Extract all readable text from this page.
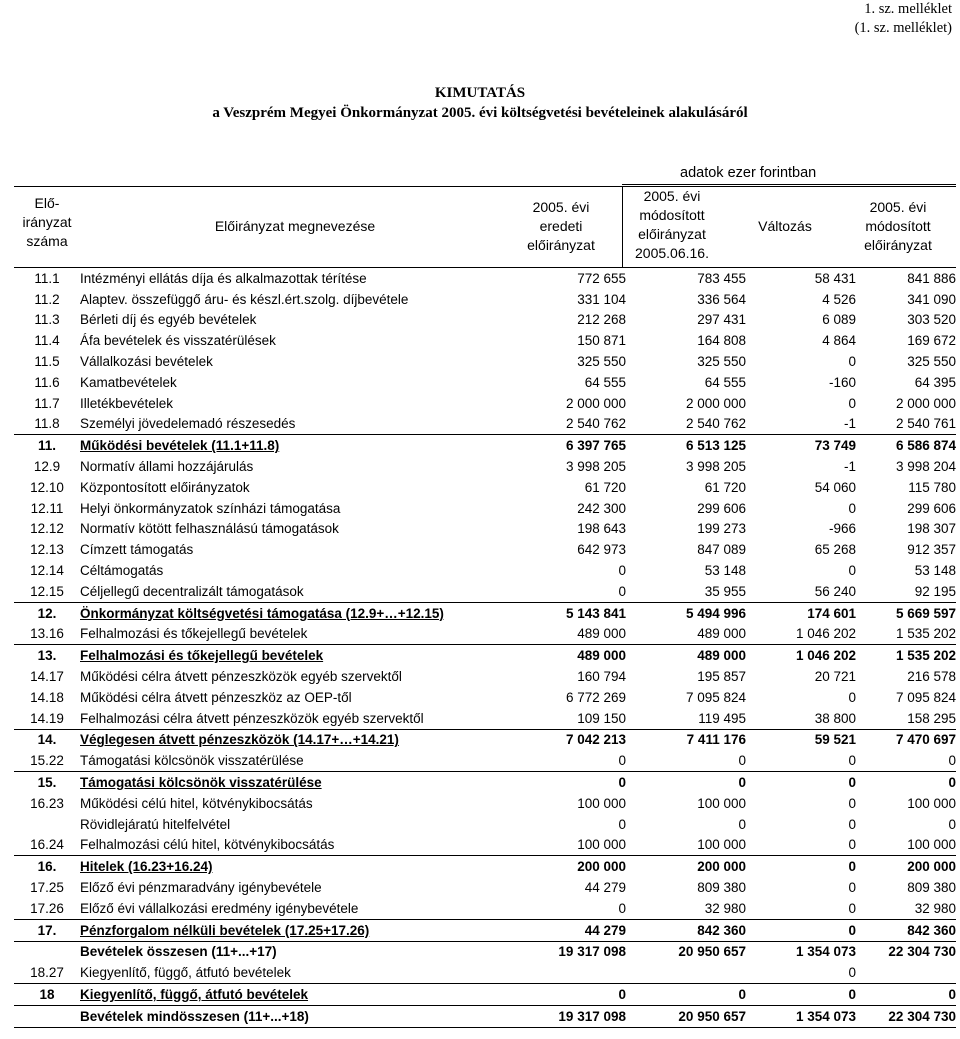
1. sz. melléklet
(1. sz. melléklet)
KIMUTATÁS
a Veszprém Megyei Önkormányzat 2005. évi költségvetési bevételeinek alakulásáról
adatok ezer forintban
Elő-
irányzat
száma
Előirányzat megnevezése
2005. évi
eredeti
előirányzat
2005. évi
módosított
előirányzat
2005.06.16.
Változás
2005. évi
módosított
előirányzat
11.1	Intézményi ellátás díja és alkalmazottak térítése	772 655	783 455	58 431	841 886
11.2	Alaptev. összefüggő áru- és készl.ért.szolg. díjbevétele	331 104	336 564	4 526	341 090
11.3	Bérleti díj és egyéb bevételek	212 268	297 431	6 089	303 520
11.4	Áfa bevételek és visszatérülések	150 871	164 808	4 864	169 672
11.5	Vállalkozási bevételek	325 550	325 550	0	325 550
11.6	Kamatbevételek	64 555	64 555	-160	64 395
11.7	Illetékbevételek	2 000 000	2 000 000	0	2 000 000
11.8	Személyi jövedelemadó részesedés	2 540 762	2 540 762	-1	2 540 761
11.	Működési bevételek (11.1+11.8)	6 397 765	6 513 125	73 749	6 586 874
12.9	Normatív állami hozzájárulás	3 998 205	3 998 205	-1	3 998 204
12.10	Központosított előirányzatok	61 720	61 720	54 060	115 780
12.11	Helyi önkormányzatok színházi támogatása	242 300	299 606	0	299 606
12.12	Normatív kötött felhasználású támogatások	198 643	199 273	-966	198 307
12.13	Címzett támogatás	642 973	847 089	65 268	912 357
12.14	Céltámogatás	0	53 148	0	53 148
12.15	Céljellegű decentralizált támogatások	0	35 955	56 240	92 195
12.	Önkormányzat költségvetési támogatása (12.9+…+12.15)	5 143 841	5 494 996	174 601	5 669 597
13.16	Felhalmozási és tőkejellegű bevételek	489 000	489 000	1 046 202	1 535 202
13.	Felhalmozási és tőkejellegű bevételek	489 000	489 000	1 046 202	1 535 202
14.17	Működési célra átvett pénzeszközök egyéb szervektől	160 794	195 857	20 721	216 578
14.18	Működési célra átvett pénzeszköz az OEP-től	6 772 269	7 095 824	0	7 095 824
14.19	Felhalmozási célra átvett pénzeszközök egyéb szervektől	109 150	119 495	38 800	158 295
14.	Véglegesen átvett pénzeszközök (14.17+…+14.21)	7 042 213	7 411 176	59 521	7 470 697
15.22	Támogatási kölcsönök visszatérülése	0	0	0	0
15.	Támogatási kölcsönök visszatérülése	0	0	0	0
16.23	Működési célú hitel, kötvénykibocsátás	100 000	100 000	0	100 000
	Rövidlejáratú hitelfelvétel	0	0	0	0
16.24	Felhalmozási célú hitel, kötvénykibocsátás	100 000	100 000	0	100 000
16.	Hitelek (16.23+16.24)	200 000	200 000	0	200 000
17.25	Előző évi pénzmaradvány igénybevétele	44 279	809 380	0	809 380
17.26	Előző évi vállalkozási eredmény igénybevétele	0	32 980	0	32 980
17.	Pénzforgalom nélküli bevételek (17.25+17.26)	44 279	842 360	0	842 360
	Bevételek összesen (11+...+17)	19 317 098	20 950 657	1 354 073	22 304 730
18.27	Kiegyenlítő, függő, átfutó bevételek			0	
18	Kiegyenlítő, függő, átfutó bevételek	0	0	0	0
	Bevételek mindösszesen (11+...+18)	19 317 098	20 950 657	1 354 073	22 304 730
